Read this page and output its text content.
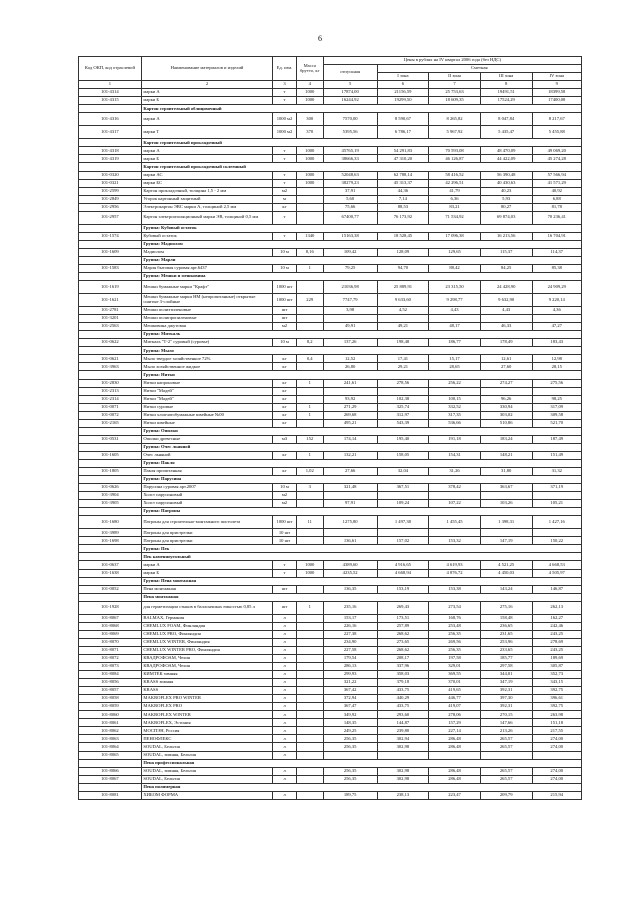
6
Код ОКП, код отраслевой	Наименование материалов и изделий	Ед. изм.	Масса брутто, кг	Цены в рублях на IV квартал 2006 года (без НДС)				
				отпускная	Сметная			
					I зона	II зона	III зона	IV зона
1	2	3	4	5	6	7	8	9
101-4314	марки А	т	1000	17874,00	21156,59	25 753,63	19491,51	18399,58
101-4315	марки Б	т	1000	16244,92	19299,50	18 609,35	17524,29	17400,08
	Картон строительный облицовочный							
101-4316	марки А	1000 м2	300	7570,00	8 590,67	8 265,82	8 047,84	8 217,67
101-4317	марки Т	1000 м2	370	5395,56	6 786,17	5 967,92	5 435,47	5 455,88
	Картон строительный прокладочный							
101-4318	марки А	т	1000	45765,19	54 291,83	70 593,08	48 470,09	49 069,20
101-4319	марки Б	т	1000	38666,33	47 310,20	46 126,87	44 422,09	45 274,28
	Картон строительный прокладочный склеенный							
101-0320	марки АС	т	1000	52048,63	62 788,14	58 416,52	56 390,48	57 566,94
101-0321	марки БС	т	1000	38279,23	45 313,37	42 296,51	40 430,63	41 571,29
101-2599	Картон прокладочный, толщина 1,5 - 2 мм	м2		37,91	44,36	41,79	40,23	40,92
101-2849	Угорок картонный защитный	м		5,60	7,14	6,36	5,93	6,88
101-2956	Электрокартон ЭВС марки А, толщиной 2,5 мм	кг		75,66	88,53	83,21	80,27	81,78
101-2957	Картон электроизоляционный марки ЭВ, толщиной 0,5 мм	т		67400,77	76 173,92	71 534,92	69 874,03	70 236,41
	Группа: Кубовый остаток							
101-1574	Кубовый остаток	т	1340	15163,38	18 528,45	17 096,38	16 213,56	16 704,91
	Группа: Мадиолом							
101-1609	Мадиолом	10 м	8,16	109,42	128,09	129,65	115,37	114,37
	Группа: Марли							
101-1583	Марля бытовая суровая арт.6437	10 м	1	79,25	94,70	88,42	84,25	85,38
	Группа: Мешки и мешковина							
101-1619	Мешки бумажные марки "Крафт"	1000 шт		21036,98	25 889,91	23 315,50	24 428,90	24 909,29
101-1621	Мешки бумажные марки НМ (непропитанные) открытые сшитые 3-слойные	1000 шт	229	7747,79	9 633,60	9 298,77	9 632,90	9 220,14
101-2781	Мешки полиэтиленовые	шт		3,98	4,52	4,43	4,43	4,36
101-3201	Мешки полипропиленовые	шт						
101-2563	Мешковина джутовая	м2		49,91	49,21	48,17	46,33	47,27
	Группа: Миткаль							
101-0622	Миткаль "Т-2" суровый (суровье)	10 м	8,2	137,26	198,48	186,77	178,49	183,43
	Группа: Мыло							
101-0621	Мыло твердое хозяйственное 72%	кг	0,4	12,52	17,41	15,17	12,61	12,98
101-3963	Мыло хозяйственное жидкое	кг		26,80	29,21	28,65	27,60	28,15
	Группа: Нитки							
101-2830	Нитки капроновые	кг	1	241,61	278,56	256,22	274,27	275,56
101-2313	Нитки "Мадей"	кг						
101-2314	Нитки "Мадей"	кг		93,92	102,38	100,15	96,26	98,25
101-0071	Нитки суровые	кг	1	271,29	325,74	332,52	330,94	317,09
101-0072	Нитки хлопчатобумажные швейные №00	кг	1	269,68	312,97	317,35	303,02	309,58
101-2165	Нитки швейные	кг		495,21	543,39	536,66	510,86	521,70
	Группа: Опилки							
101-0531	Опилки древесные	м3	152	174,14	195,40	191,18	183,24	187,49
	Группа: Очес льняной							
101-1605	Очес льняной	кг	1	132,21	158,05	154,31	148,21	151,49
	Группа: Пакля							
101-1805	Пакля пропитанная	кг	1,02	27,66	32,04	31,26	31,80	31,32
	Группа: Парусина							
101-0626	Парусина суровая арт.2007	10 м	3	321,48	367,51	378,42	363,67	371,19
101-3904	Холст парусиновый	м2						
101-3905	Холст парусиновый	м2		97,91	109,24	107,22	103,26	105,21
	Группа: Патроны							
101-1680	Патроны для строительно-монтажного пистолета	1000 шт	11	1275,80	1 497,38	1 455,45	1 398,31	1 427,16
101-3989	Патроны для пристрелки	10 шт						
101-1698	Патроны для пристрелки	10 шт		136,61	157,02	153,32	147,19	150,22
	Группа: Пек							
	Пек каменноугольный							
101-0637	марки А	т	1000	4389,60	4 916,65	4 619,93	4 521,25	4 668,53
101-1638	марки Б	т	1000	4235,52	4 668,94	4 876,72	4 450,03	4 505,97
	Группа: Пена монтажная							
101-0052	Пена монтажная	шт		136,35	153,19	153,38	143,24	146,87
	Пена монтажная							
101-1928	для герметизации стыков в баллончиках емкостью 0,85 л	шт	1	235,16	269,43	273,54	275,16	262,13
101-8067	BALMAX, Германия	л		153,17	173,51	168,76	158,48	162,27
101-8068	CHEMLUX FOAM, Финляндия	л		226,16	257,89	253,48	236,65	242,46
101-8069	CHEMLUX PRO, Финляндия	л		227,38	268,62	256,35	231,65	243,25
101-8070	CHEMLUX WINTER, Финляндия	л		234,90	273,65	269,56	253,96	278,69
101-8071	CHEMLUX WINTER PRO, Финляндия	л		227,58	268,62	256,35	233,65	243,25
101-8072	КВАДРОФОАМ, Чехия	л		179,54	208,17	197,58	185,77	189,69
101-8073	КВАДРОФОАМ, Чехия	л		286,13	337,96	329,01	297,58	305,87
101-8084	КИМТЕК зимняя	л		299,93	358,03	369,55	344,01	352,73
101-8056	KRASS зимняя	л		321,22	379,18	370,01	347,19	343,15
101-8057	KRASS	л		367,42	433,75	419,65	392,31	392,75
101-8058	MAKROFLEX PRO WINTER	л		372,94	440,29	446,77	397,30	396,61
101-8059	MAKROFLEX PRO	л		367,47	433,75	419,07	392,31	392,75
101-8060	MAKROFLEX WINTER	л		349,92	293,60	278,06	270,15	263,98
101-8061	MAKROFLEX, Эстония	л		148,35	144,87	157,29	147,66	151,18
101-8062	МОСПЭН, Россия	л		249,25	239,80	227,14	213,26	217,55
101-8063	ПЕНОФЛЕКС	л		256,35	302,94	286,48	265,57	274,00
101-8064	SOUDAL, Бельгия	л		256,35	302,98	286,48	265,57	274,00
101-8065	SOUDAL, зимняя, Бельгия	л						
	Пена профессиональная							
101-8066	SOUDAL, зимняя, Бельгия	л		256,35	302,98	286,48	265,57	274,00
101-8067	SOUDAL, Бельгия	л		256,35	302,98	286,48	265,57	274,00
	Пена полимерная							
101-8081	ХИБОМ ФОРМА	л		189,75	238,13	223,47	209,79	215,94
